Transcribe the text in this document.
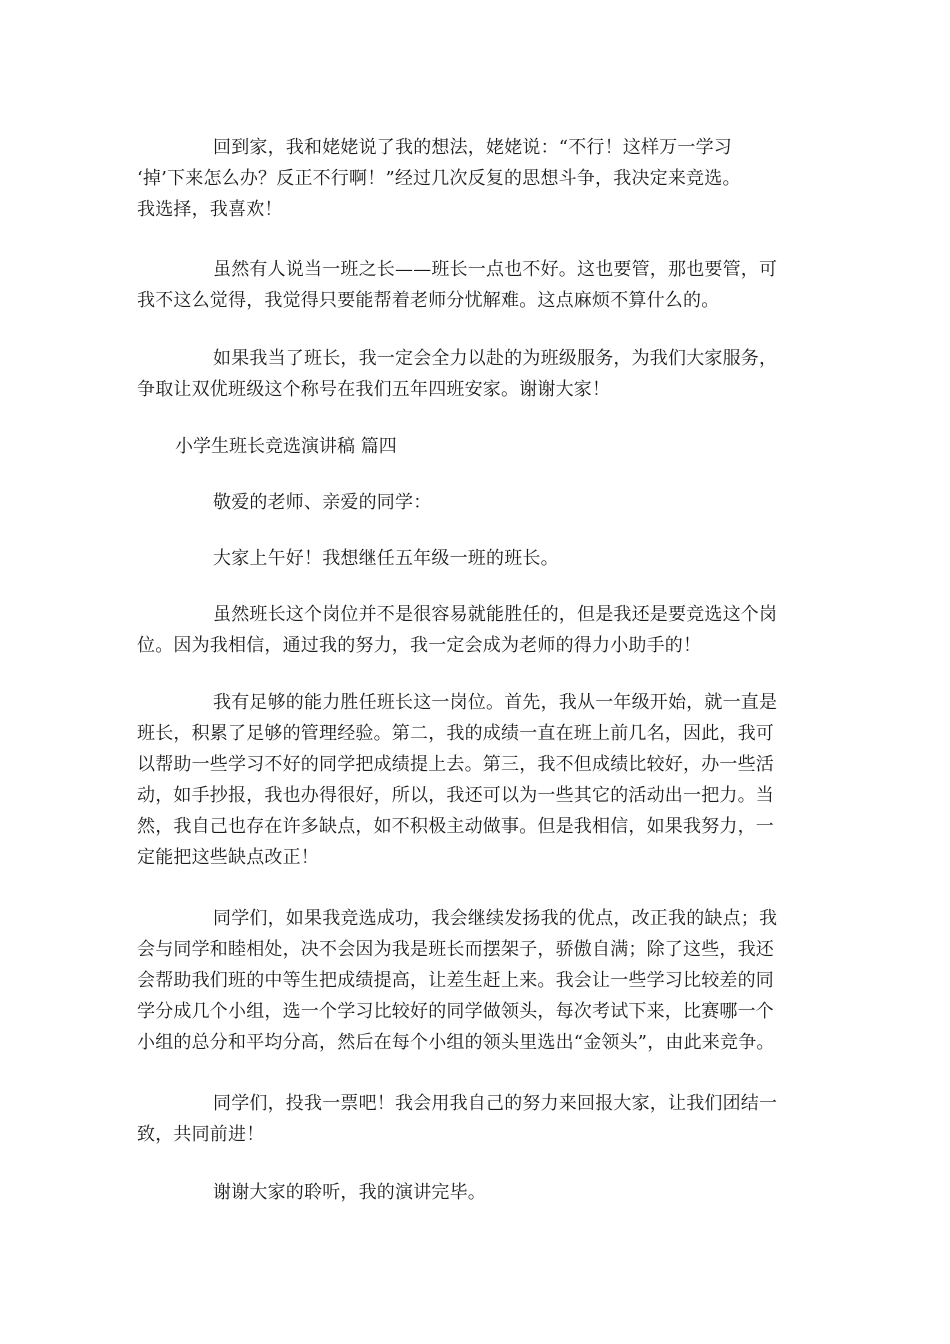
回到家，我和姥姥说了我的想法，姥姥说：“不行！这样万一学习
‘掉’下来怎么办？反正不行啊！”经过几次反复的思想斗争，我决定来竞选。
我选择，我喜欢！

虽然有人说当一班之长——班长一点也不好。这也要管，那也要管，可
我不这么觉得，我觉得只要能帮着老师分忧解难。这点麻烦不算什么的。

如果我当了班长，我一定会全力以赴的为班级服务，为我们大家服务，
争取让双优班级这个称号在我们五年四班安家。谢谢大家！

小学生班长竞选演讲稿 篇四

敬爱的老师、亲爱的同学：

大家上午好！我想继任五年级一班的班长。

虽然班长这个岗位并不是很容易就能胜任的，但是我还是要竞选这个岗
位。因为我相信，通过我的努力，我一定会成为老师的得力小助手的！

我有足够的能力胜任班长这一岗位。首先，我从一年级开始，就一直是
班长，积累了足够的管理经验。第二，我的成绩一直在班上前几名，因此，我可
以帮助一些学习不好的同学把成绩提上去。第三，我不但成绩比较好，办一些活
动，如手抄报，我也办得很好，所以，我还可以为一些其它的活动出一把力。当
然，我自己也存在许多缺点，如不积极主动做事。但是我相信，如果我努力，一
定能把这些缺点改正！

同学们，如果我竞选成功，我会继续发扬我的优点，改正我的缺点；我
会与同学和睦相处，决不会因为我是班长而摆架子，骄傲自满；除了这些，我还
会帮助我们班的中等生把成绩提高，让差生赶上来。我会让一些学习比较差的同
学分成几个小组，选一个学习比较好的同学做领头，每次考试下来，比赛哪一个
小组的总分和平均分高，然后在每个小组的领头里选出“金领头”，由此来竞争。

同学们，投我一票吧！我会用我自己的努力来回报大家，让我们团结一
致，共同前进！

谢谢大家的聆听，我的演讲完毕。
